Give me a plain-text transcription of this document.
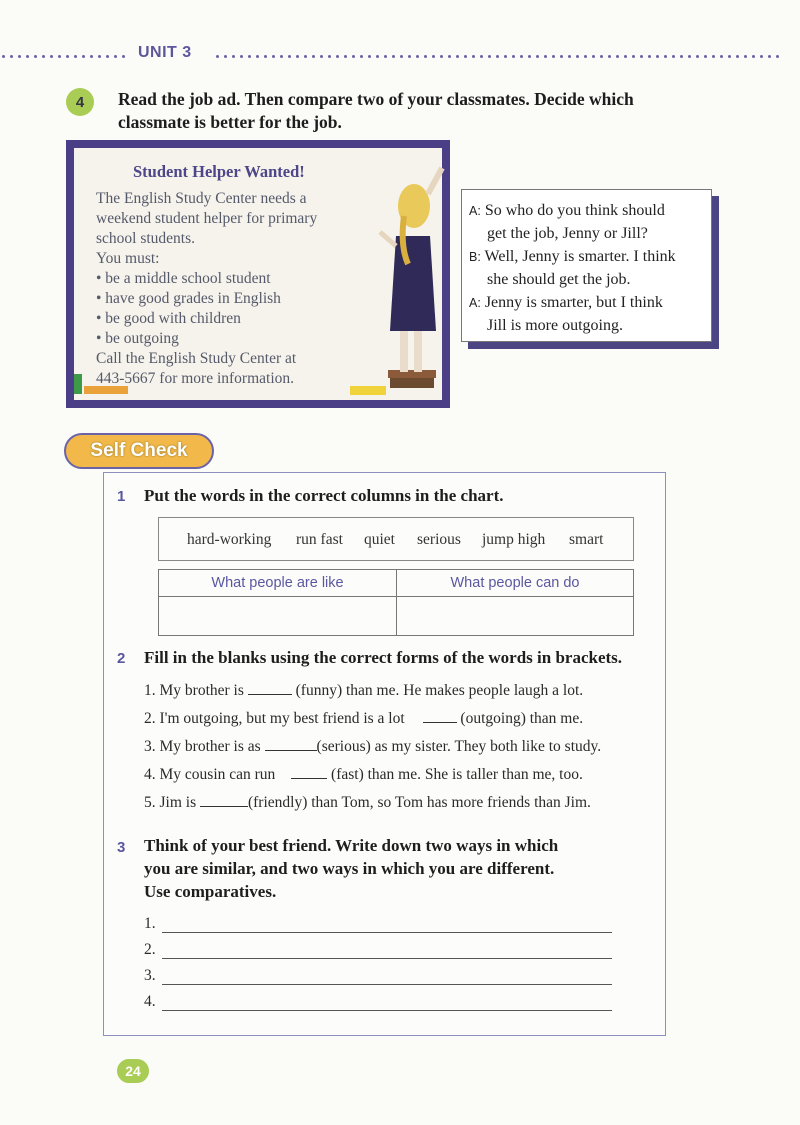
UNIT 3
4	Read the job ad. Then compare two of your classmates. Decide which
classmate is better for the job.
Student Helper Wanted!
The English Study Center needs a
weekend student helper for primary
school students.
You must:
• be a middle school student
• have good grades in English
• be good with children
• be outgoing
Call the English Study Center at
443-5667 for more information.
A: So who do you think should
get the job, Jenny or Jill?
B: Well, Jenny is smarter. I think
she should get the job.
A: Jenny is smarter, but I think
Jill is more outgoing.
Self Check
1 Put the words in the correct columns in the chart.
hard-working run fast quiet serious jump high smart
What people are like	What people can do
2 Fill in the blanks using the correct forms of the words in brackets.
1. My brother is	(funny) than me. He makes people laugh a lot.
2. I'm outgoing, but my best friend is a lot	(outgoing) than me.
3. My brother is as	(serious) as my sister. They both like to study.
4. My cousin can run	(fast) than me. She is taller than me, too.
5. Jim is	(friendly) than Tom, so Tom has more friends than Jim.
3 Think of your best friend. Write down two ways in which
you are similar, and two ways in which you are different.
Use comparatives.
1.
2.
3.
4.
24
